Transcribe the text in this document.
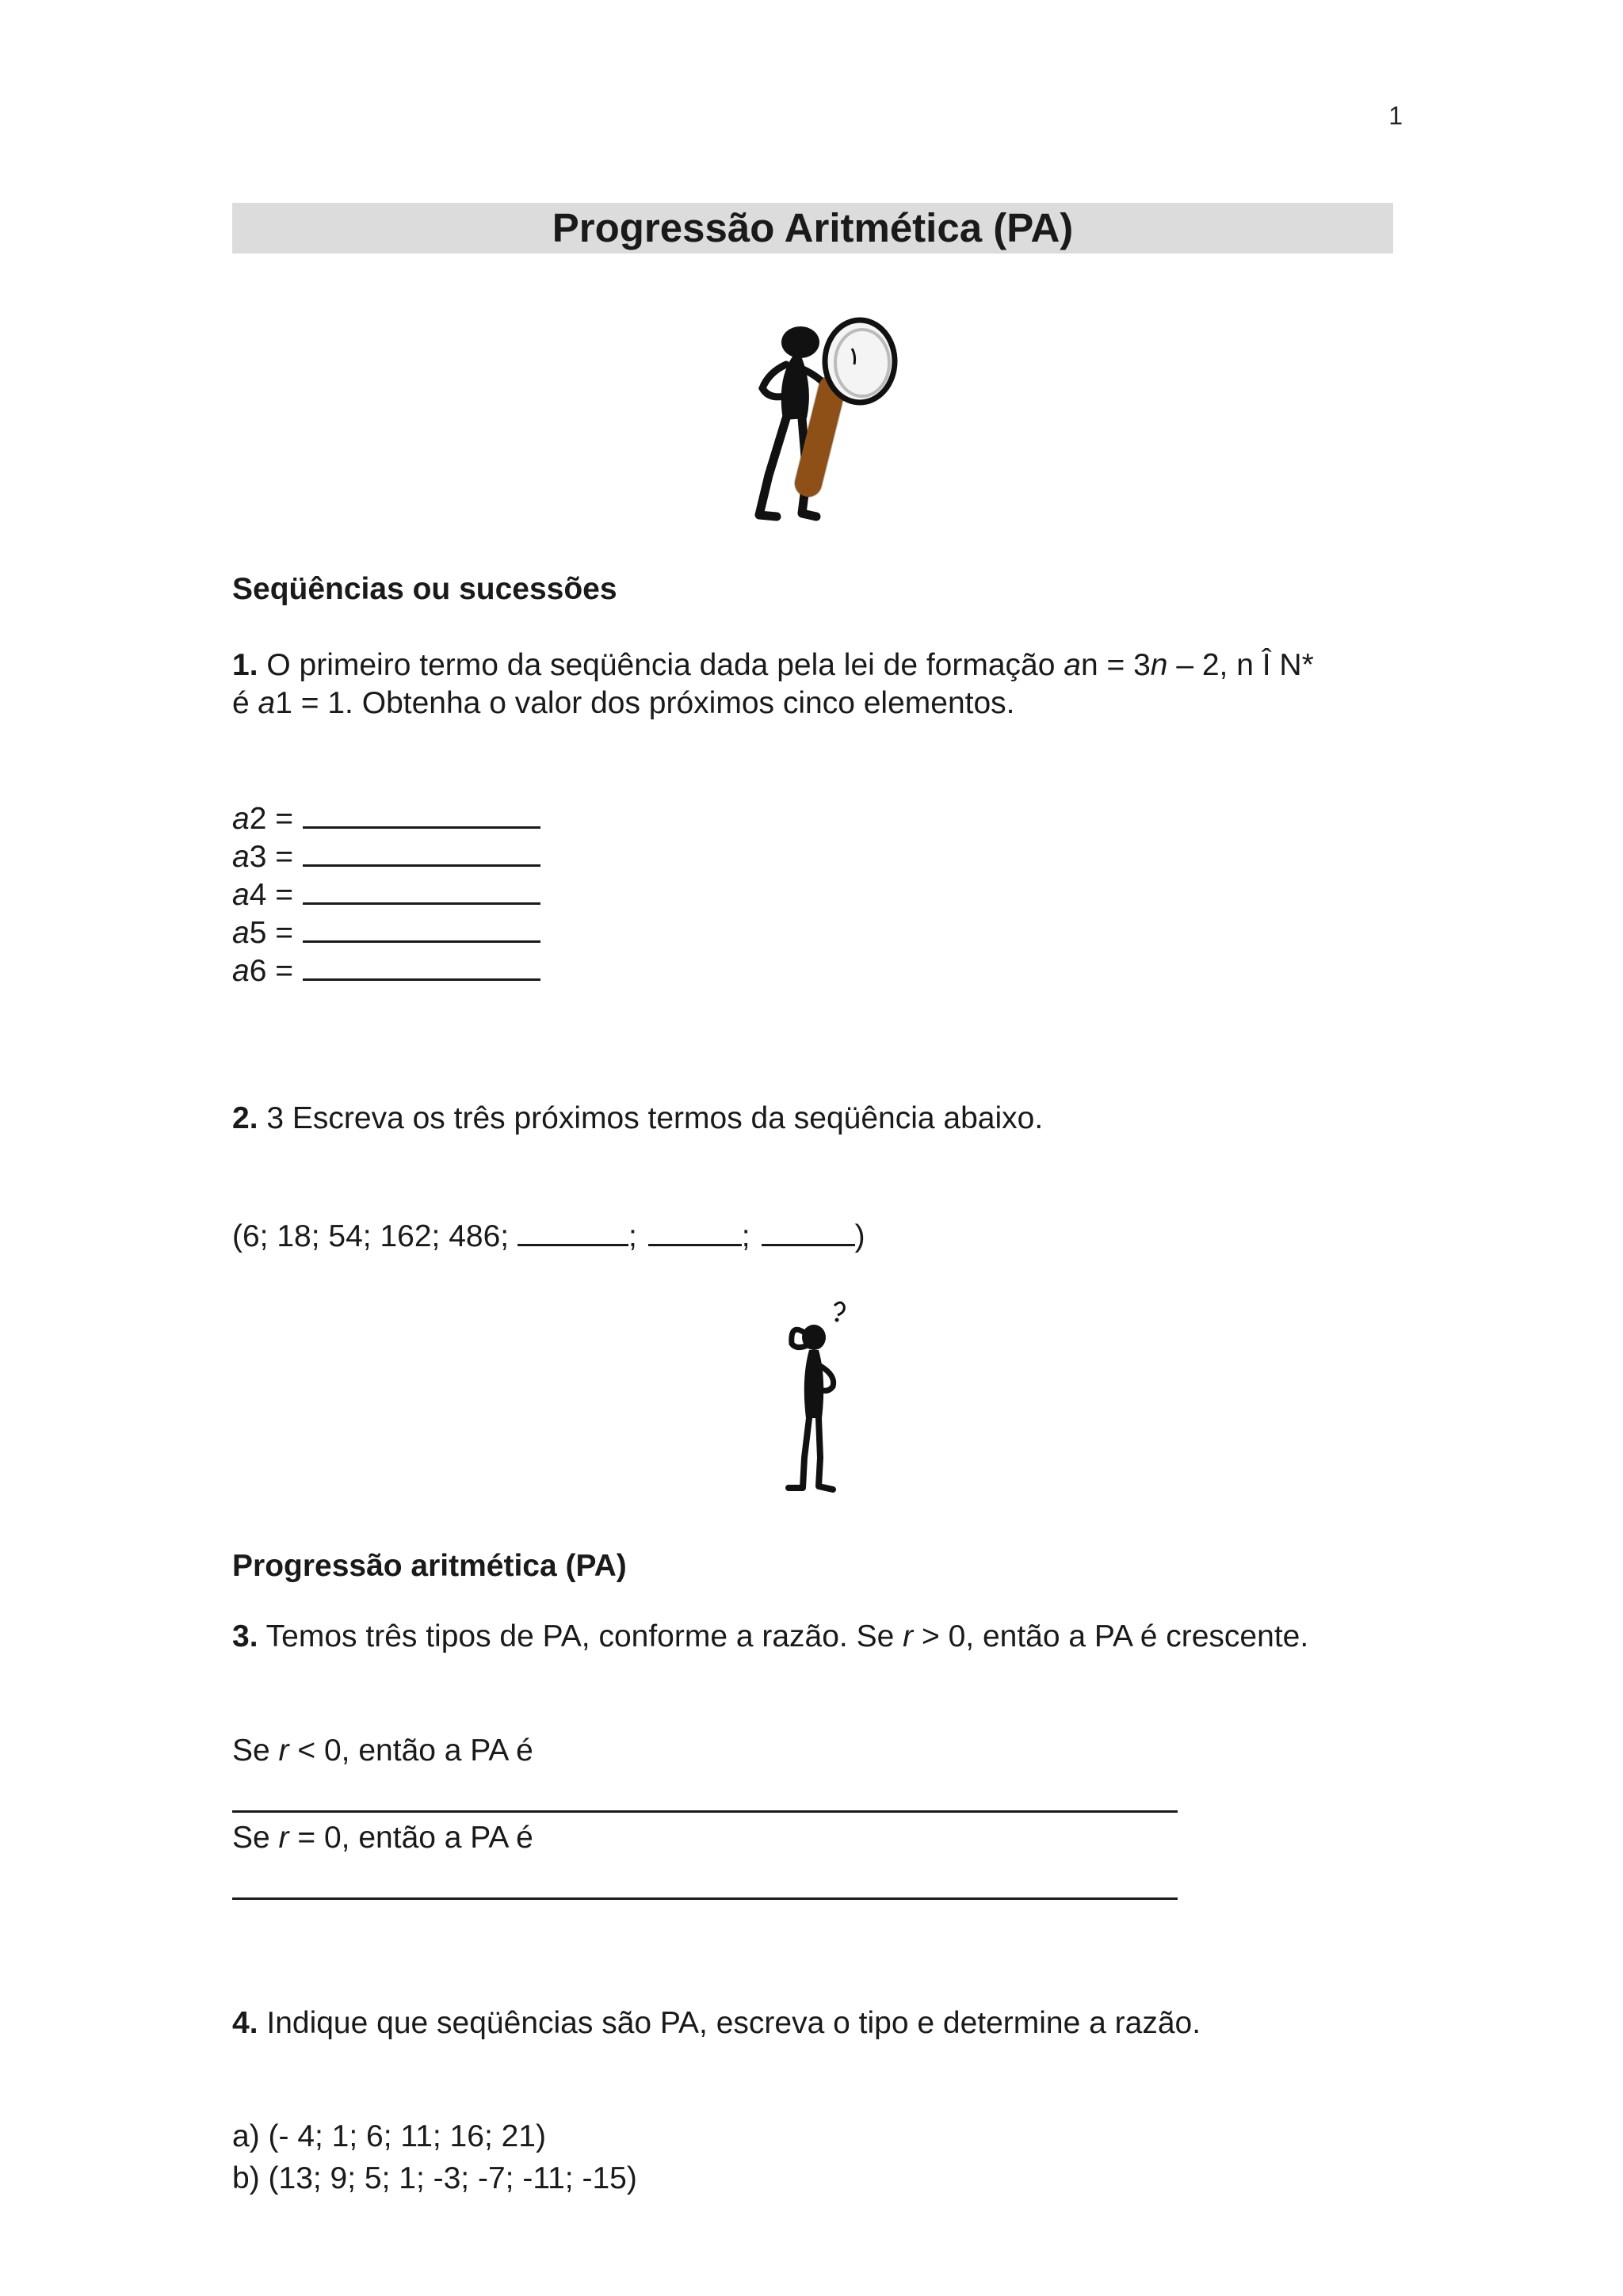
1
Progressão Aritmética (PA)
Seqüências ou sucessões
1. O primeiro termo da seqüência dada pela lei de formação an = 3n – 2, n Î N*
é a1 = 1. Obtenha o valor dos próximos cinco elementos.
a2 =
a3 =
a4 =
a5 =
a6 =
2. 3 Escreva os três próximos termos da seqüência abaixo.
(6; 18; 54; 162; 486;	;	;	)
Progressão aritmética (PA)
3. Temos três tipos de PA, conforme a razão. Se r > 0, então a PA é crescente.
Se r < 0, então a PA é
Se r = 0, então a PA é
4. Indique que seqüências são PA, escreva o tipo e determine a razão.
a) (- 4; 1; 6; 11; 16; 21)
b) (13; 9; 5; 1; -3; -7; -11; -15)
